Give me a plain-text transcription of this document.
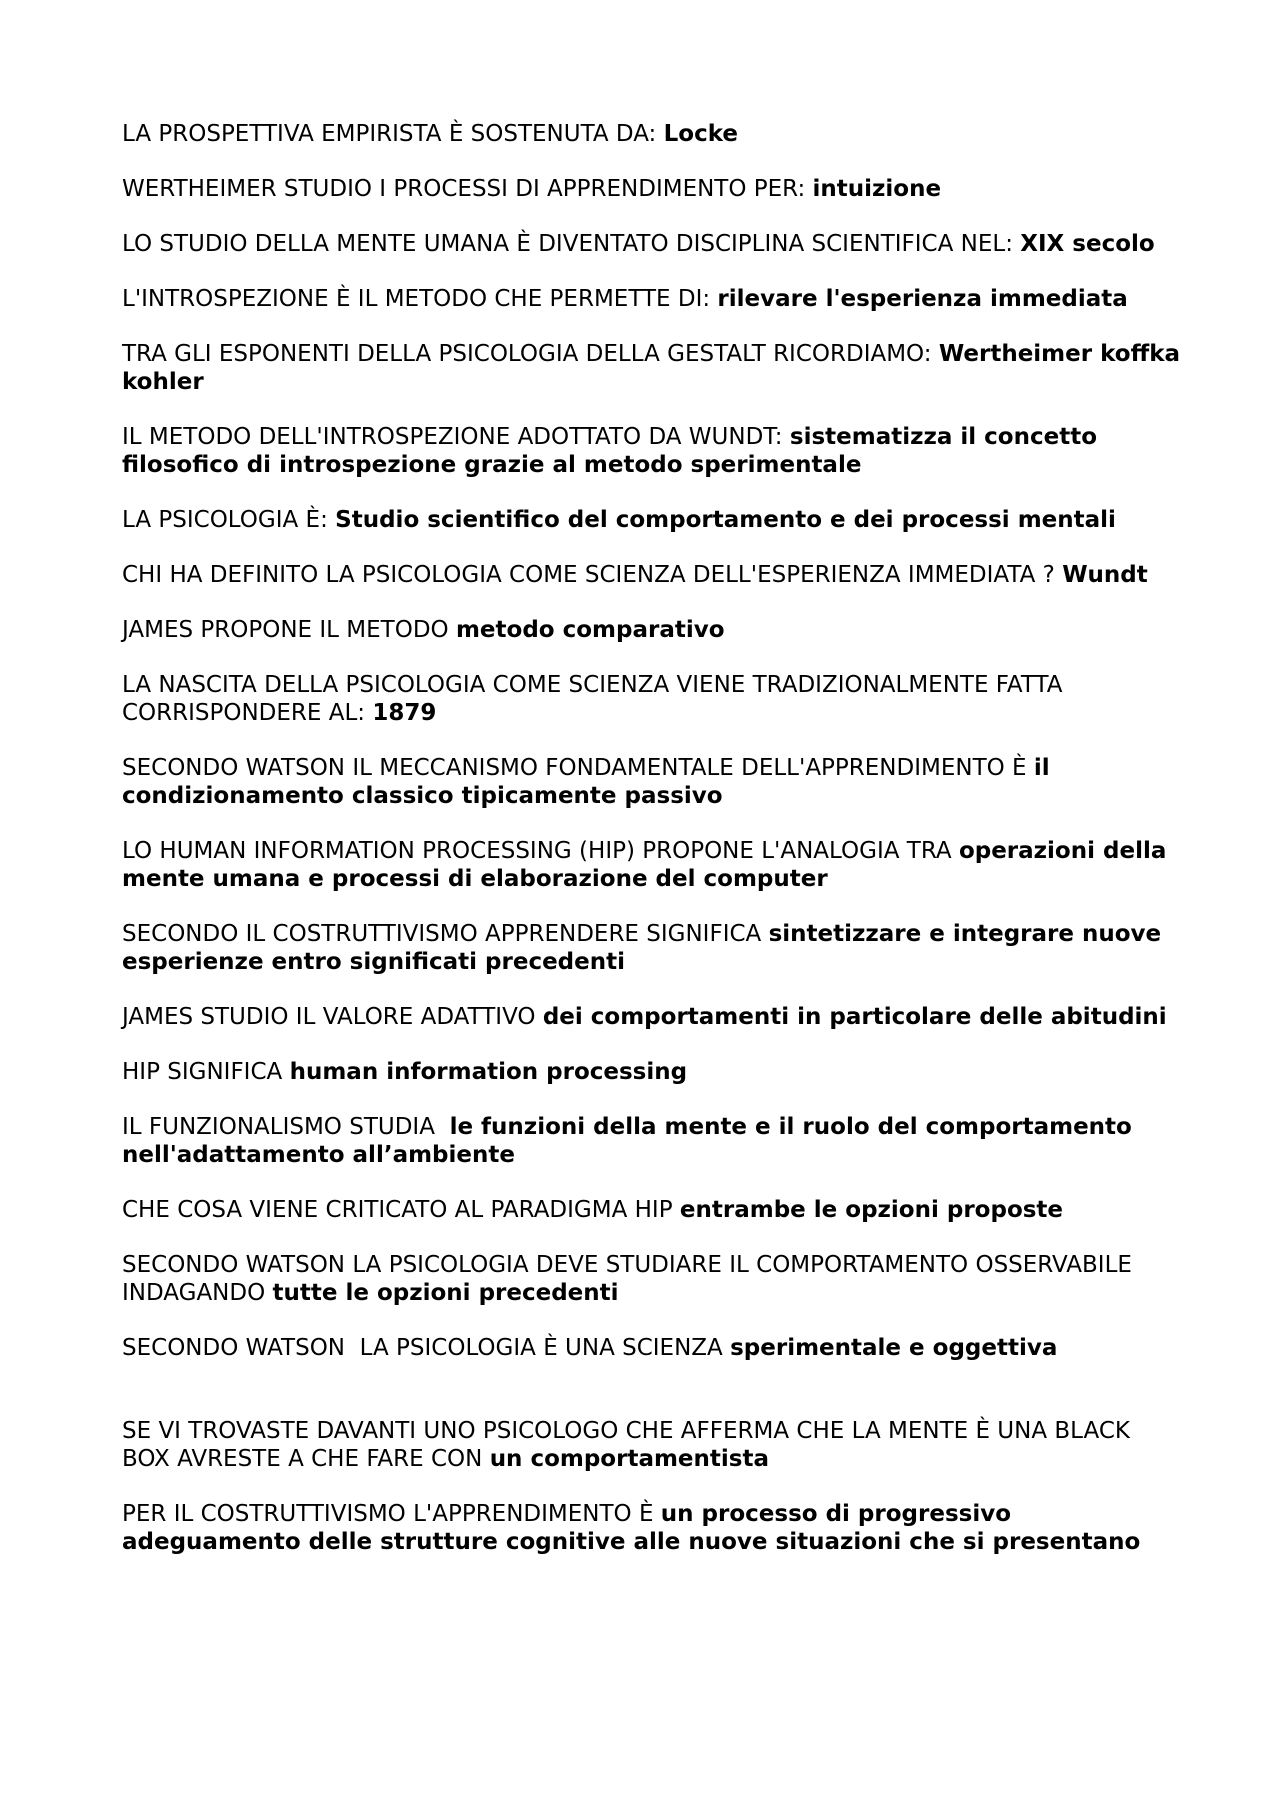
LA PROSPETTIVA EMPIRISTA È SOSTENUTA DA: Locke

WERTHEIMER STUDIO I PROCESSI DI APPRENDIMENTO PER: intuizione

LO STUDIO DELLA MENTE UMANA È DIVENTATO DISCIPLINA SCIENTIFICA NEL: XIX secolo

L'INTROSPEZIONE È IL METODO CHE PERMETTE DI: rilevare l'esperienza immediata

TRA GLI ESPONENTI DELLA PSICOLOGIA DELLA GESTALT RICORDIAMO: Wertheimer koffka kohler

IL METODO DELL'INTROSPEZIONE ADOTTATO DA WUNDT: sistematizza il concetto filosofico di introspezione grazie al metodo sperimentale

LA PSICOLOGIA È: Studio scientifico del comportamento e dei processi mentali

CHI HA DEFINITO LA PSICOLOGIA COME SCIENZA DELL'ESPERIENZA IMMEDIATA ? Wundt

JAMES PROPONE IL METODO metodo comparativo

LA NASCITA DELLA PSICOLOGIA COME SCIENZA VIENE TRADIZIONALMENTE FATTA CORRISPONDERE AL: 1879

SECONDO WATSON IL MECCANISMO FONDAMENTALE DELL'APPRENDIMENTO È il condizionamento classico tipicamente passivo

LO HUMAN INFORMATION PROCESSING (HIP) PROPONE L'ANALOGIA TRA operazioni della mente umana e processi di elaborazione del computer

SECONDO IL COSTRUTTIVISMO APPRENDERE SIGNIFICA sintetizzare e integrare nuove esperienze entro significati precedenti

JAMES STUDIO IL VALORE ADATTIVO dei comportamenti in particolare delle abitudini

HIP SIGNIFICA human information processing

IL FUNZIONALISMO STUDIA  le funzioni della mente e il ruolo del comportamento nell'adattamento all’ambiente

CHE COSA VIENE CRITICATO AL PARADIGMA HIP entrambe le opzioni proposte

SECONDO WATSON LA PSICOLOGIA DEVE STUDIARE IL COMPORTAMENTO OSSERVABILE INDAGANDO tutte le opzioni precedenti

SECONDO WATSON  LA PSICOLOGIA È UNA SCIENZA sperimentale e oggettiva

SE VI TROVASTE DAVANTI UNO PSICOLOGO CHE AFFERMA CHE LA MENTE È UNA BLACK BOX AVRESTE A CHE FARE CON un comportamentista

PER IL COSTRUTTIVISMO L'APPRENDIMENTO È un processo di progressivo adeguamento delle strutture cognitive alle nuove situazioni che si presentano
